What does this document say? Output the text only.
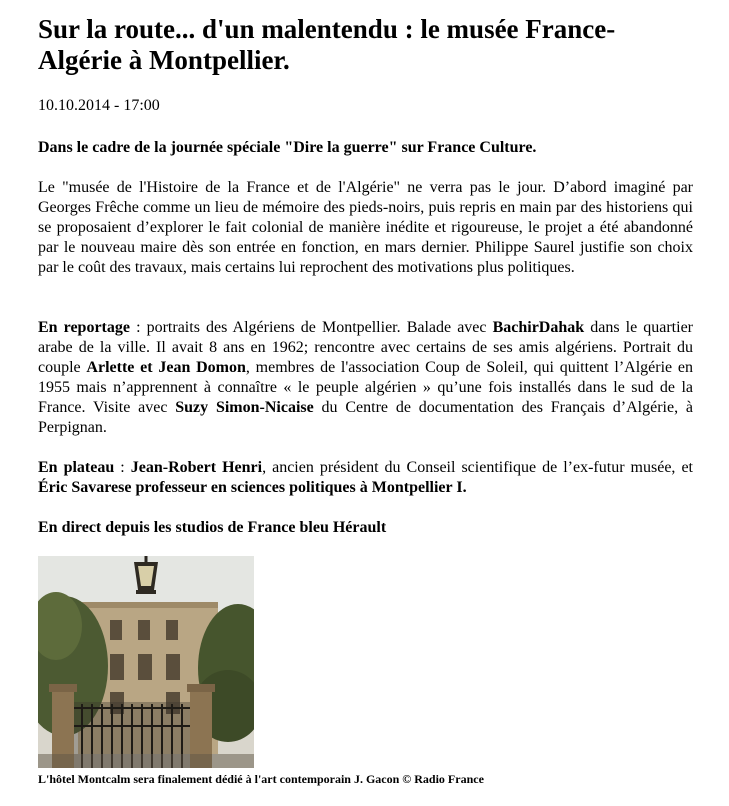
Sur la route... d'un malentendu : le musée France-Algérie à Montpellier.
10.10.2014 - 17:00
Dans le cadre de la journée spéciale "Dire la guerre" sur France Culture.

Le "musée de l'Histoire de la France et de l'Algérie" ne verra pas le jour. D’abord imaginé par Georges Frêche comme un lieu de mémoire des pieds-noirs, puis repris en main par des historiens qui se proposaient d’explorer le fait colonial de manière inédite et rigoureuse, le projet a été abandonné par le nouveau maire dès son entrée en fonction, en mars dernier. Philippe Saurel justifie son choix par le coût des travaux, mais certains lui reprochent des motivations plus politiques.

En reportage : portraits des Algériens de Montpellier. Balade avec BachirDahak dans le quartier arabe de la ville. Il avait 8 ans en 1962; rencontre avec certains de ses amis algériens. Portrait du couple Arlette et Jean Domon, membres de l'association Coup de Soleil, qui quittent l’Algérie en 1955 mais n’apprennent à connaître « le peuple algérien » qu’une fois installés dans le sud de la France. Visite avec Suzy Simon-Nicaise du Centre de documentation des Français d’Algérie, à Perpignan.

En plateau : Jean-Robert Henri, ancien président du Conseil scientifique de l’ex-futur musée, et Éric Savarese professeur en sciences politiques à Montpellier I.

En direct depuis les studios de France bleu Hérault

L'hôtel Montcalm sera finalement dédié à l'art contemporain J. Gacon © Radio France
